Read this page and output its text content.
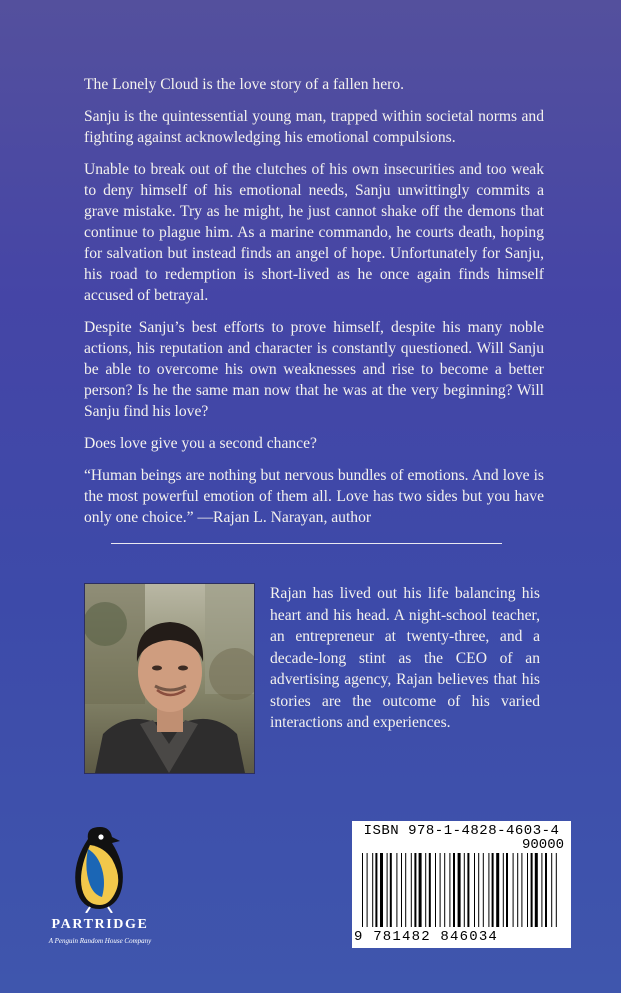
The Lonely Cloud is the love story of a fallen hero.

Sanju is the quintessential young man, trapped within societal norms and fighting against acknowledging his emotional compulsions.

Unable to break out of the clutches of his own insecurities and too weak to deny himself of his emotional needs, Sanju unwittingly commits a grave mistake. Try as he might, he just cannot shake off the demons that continue to plague him. As a marine commando, he courts death, hoping for salvation but instead finds an angel of hope. Unfortunately for Sanju, his road to redemption is short-lived as he once again finds himself accused of betrayal.

Despite Sanju’s best efforts to prove himself, despite his many noble actions, his reputation and character is constantly questioned. Will Sanju be able to overcome his own weaknesses and rise to become a better person? Is he the same man now that he was at the very beginning? Will Sanju find his love?

Does love give you a second chance?

“Human beings are nothing but nervous bundles of emotions. And love is the most powerful emotion of them all. Love has two sides but you have only one choice.” —Rajan L. Narayan, author

Rajan has lived out his life balancing his heart and his head. A night-school teacher, an entrepreneur at twenty-three, and a decade-long stint as the CEO of an advertising agency, Rajan believes that his stories are the outcome of his varied interactions and experiences.
PARTRIDGE
A Penguin Random House Company
ISBN 978-1-4828-4603-4
90000
9 781482 846034
